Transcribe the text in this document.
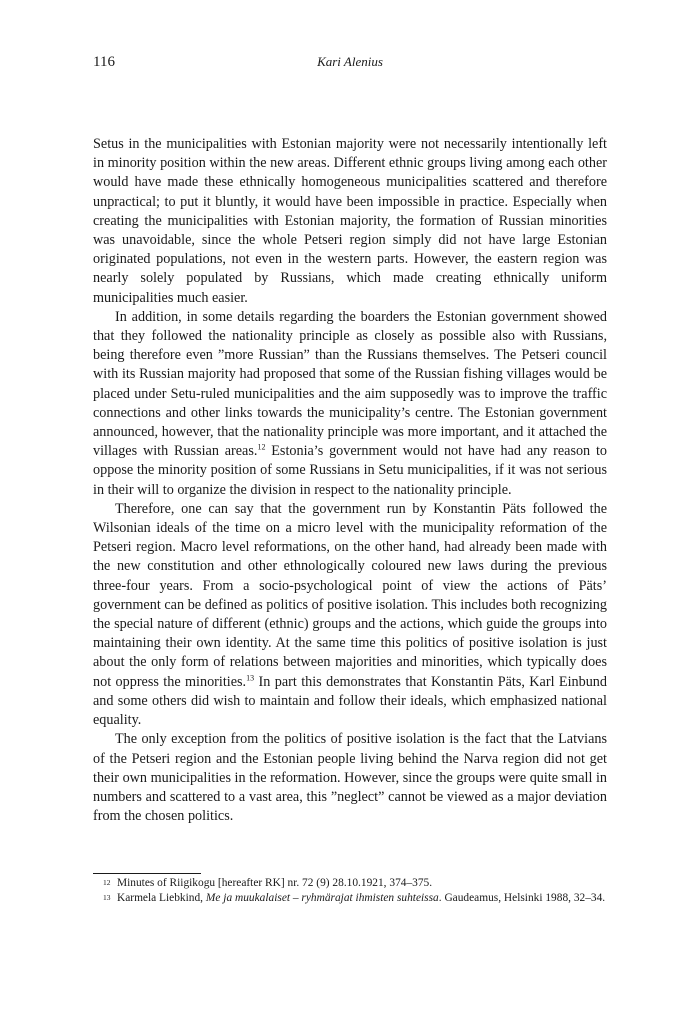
116	Kari Alenius

Setus in the municipalities with Estonian majority were not necessarily intentionally left in minority position within the new areas. Different ethnic groups living among each other would have made these ethnically homogeneous municipalities scattered and therefore unpractical; to put it bluntly, it would have been impossible in practice. Especially when creating the municipalities with Estonian majority, the formation of Russian minorities was unavoidable, since the whole Petseri region simply did not have large Estonian originated populations, not even in the western parts. However, the eastern region was nearly solely populated by Russians, which made creating ethnically uniform municipalities much easier.

In addition, in some details regarding the boarders the Estonian government showed that they followed the nationality principle as closely as possible also with Russians, being therefore even ”more Russian” than the Russians themselves. The Petseri council with its Russian majority had proposed that some of the Russian fishing villages would be placed under Setu-ruled municipalities and the aim supposedly was to improve the traffic connections and other links towards the municipality’s centre. The Estonian government announced, however, that the nationality principle was more important, and it attached the villages with Russian areas.$^{12}$ Estonia’s government would not have had any reason to oppose the minority position of some Russians in Setu municipalities, if it was not serious in their will to organize the division in respect to the nationality principle.

Therefore, one can say that the government run by Konstantin Päts followed the Wilsonian ideals of the time on a micro level with the municipality reformation of the Petseri region. Macro level reformations, on the other hand, had already been made with the new constitution and other ethnologically coloured new laws during the previous three-four years. From a socio-psychological point of view the actions of Päts’ government can be defined as politics of positive isolation. This includes both recognizing the special nature of different (ethnic) groups and the actions, which guide the groups into maintaining their own identity. At the same time this politics of positive isolation is just about the only form of relations between majorities and minorities, which typically does not oppress the minorities.$^{13}$ In part this demonstrates that Konstantin Päts, Karl Einbund and some others did wish to maintain and follow their ideals, which emphasized national equality.

The only exception from the politics of positive isolation is the fact that the Latvians of the Petseri region and the Estonian people living behind the Narva region did not get their own municipalities in the reformation. However, since the groups were quite small in numbers and scattered to a vast area, this ”neglect” cannot be viewed as a major deviation from the chosen politics.

12 Minutes of Riigikogu [hereafter RK] nr. 72 (9) 28.10.1921, 374–375.

13 Karmela Liebkind, Me ja muukalaiset – ryhmärajat ihmisten suhteissa. Gaudeamus, Helsinki 1988, 32–34.
